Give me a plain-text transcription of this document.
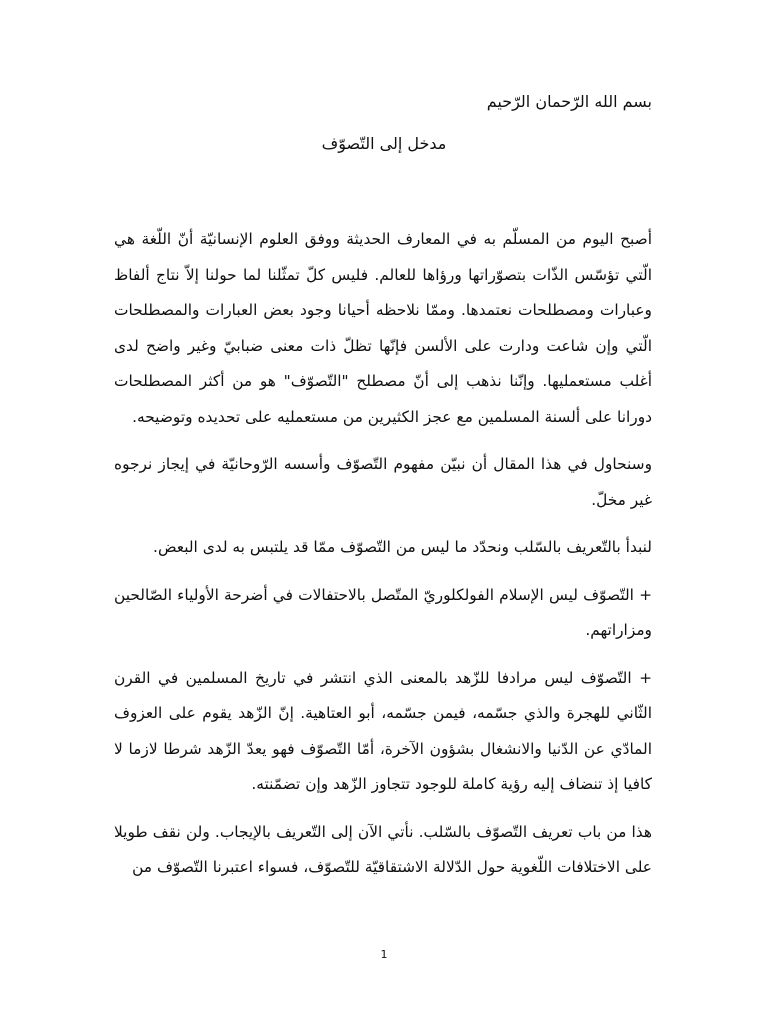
بسم الله الرّحمان الرّحيم
مدخل إلى التّصوّف

أصبح اليوم من المسلّم به في المعارف الحديثة ووفق العلوم الإنسانيّة أنّ اللّغة هي الّتي تؤسّس الذّات بتصوّراتها ورؤاها للعالم. فليس كلّ تمثّلنا لما حولنا إلاّ نتاج ألفاظ وعبارات ومصطلحات نعتمدها. وممّا نلاحظه أحيانا وجود بعض العبارات والمصطلحات الّتي وإن شاعت ودارت على الألسن فإنّها تظلّ ذات معنى ضبابيّ وغير واضح لدى أغلب مستعمليها. وإنّنا نذهب إلى أنّ مصطلح "التّصوّف" هو من أكثر المصطلحات دورانا على ألسنة المسلمين مع عجز الكثيرين من مستعمليه على تحديده وتوضيحه.

وسنحاول في هذا المقال أن نبيّن مفهوم التّصوّف وأسسه الرّوحانيّة في إيجاز نرجوه غير مخلّ.

لنبدأ بالتّعريف بالسّلب ونحدّد ما ليس من التّصوّف ممّا قد يلتبس به لدى البعض.

+ التّصوّف ليس الإسلام الفولكلوريّ المتّصل بالاحتفالات في أضرحة الأولياء الصّالحين ومزاراتهم.

+ التّصوّف ليس مرادفا للزّهد بالمعنى الذي انتشر في تاريخ المسلمين في القرن الثّاني للهجرة والذي جسّمه، فيمن جسّمه، أبو العتاهية. إنّ الزّهد يقوم على العزوف المادّي عن الدّنيا والانشغال بشؤون الآخرة، أمّا التّصوّف فهو يعدّ الزّهد شرطا لازما لا كافيا إذ تنضاف إليه رؤية كاملة للوجود تتجاوز الزّهد وإن تضمّنته.

هذا من باب تعريف التّصوّف بالسّلب. نأتي الآن إلى التّعريف بالإيجاب. ولن نقف طويلا على الاختلافات اللّغوية حول الدّلالة الاشتقاقيّة للتّصوّف، فسواء اعتبرنا التّصوّف من

1
